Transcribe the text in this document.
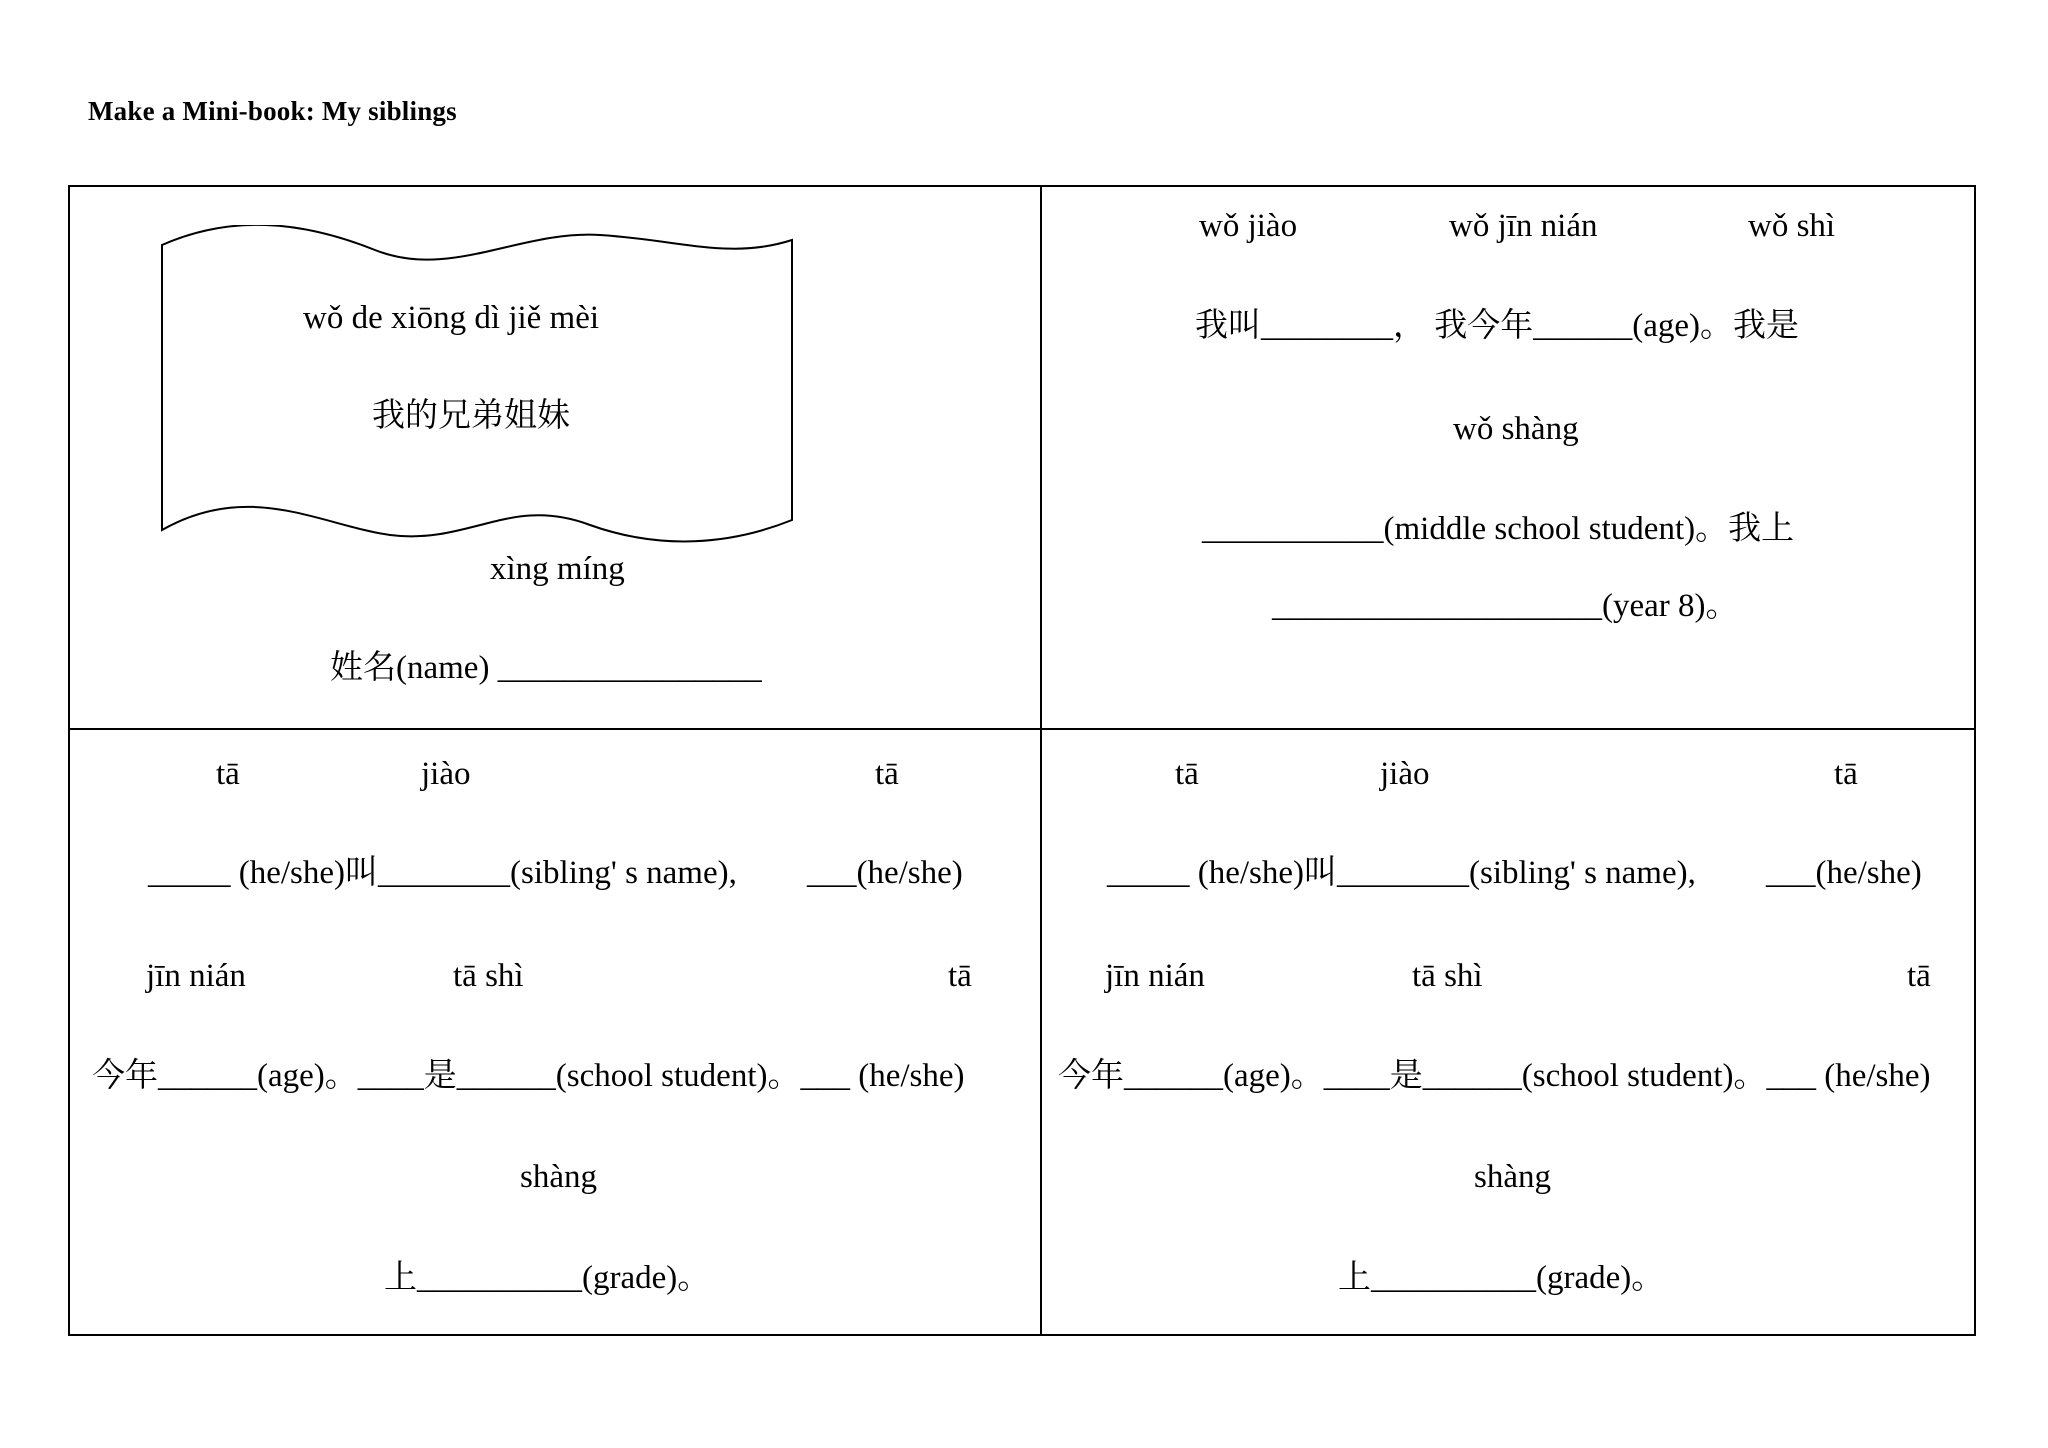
Make a Mini-book: My siblings
wǒ de xiōng dì jiě mèi
我的兄弟姐妹
xìng míng
姓名(name) ________________
wǒ jiào	wǒ jīn nián	wǒ shì
我叫________， 我今年______(age)。我是
wǒ shàng
___________(middle school student)。我上
____________________(year 8)。
tā	jiào	tā
_____ (he/she)叫________(sibling' s name), ___(he/she)
jīn nián	tā shì	tā
今年______(age)。____是______(school student)。___ (he/she)
shàng
上__________(grade)。
tā	jiào	tā
_____ (he/she)叫________(sibling' s name), ___(he/she)
jīn nián	tā shì	tā
今年______(age)。____是______(school student)。___ (he/she)
shàng
上__________(grade)。
